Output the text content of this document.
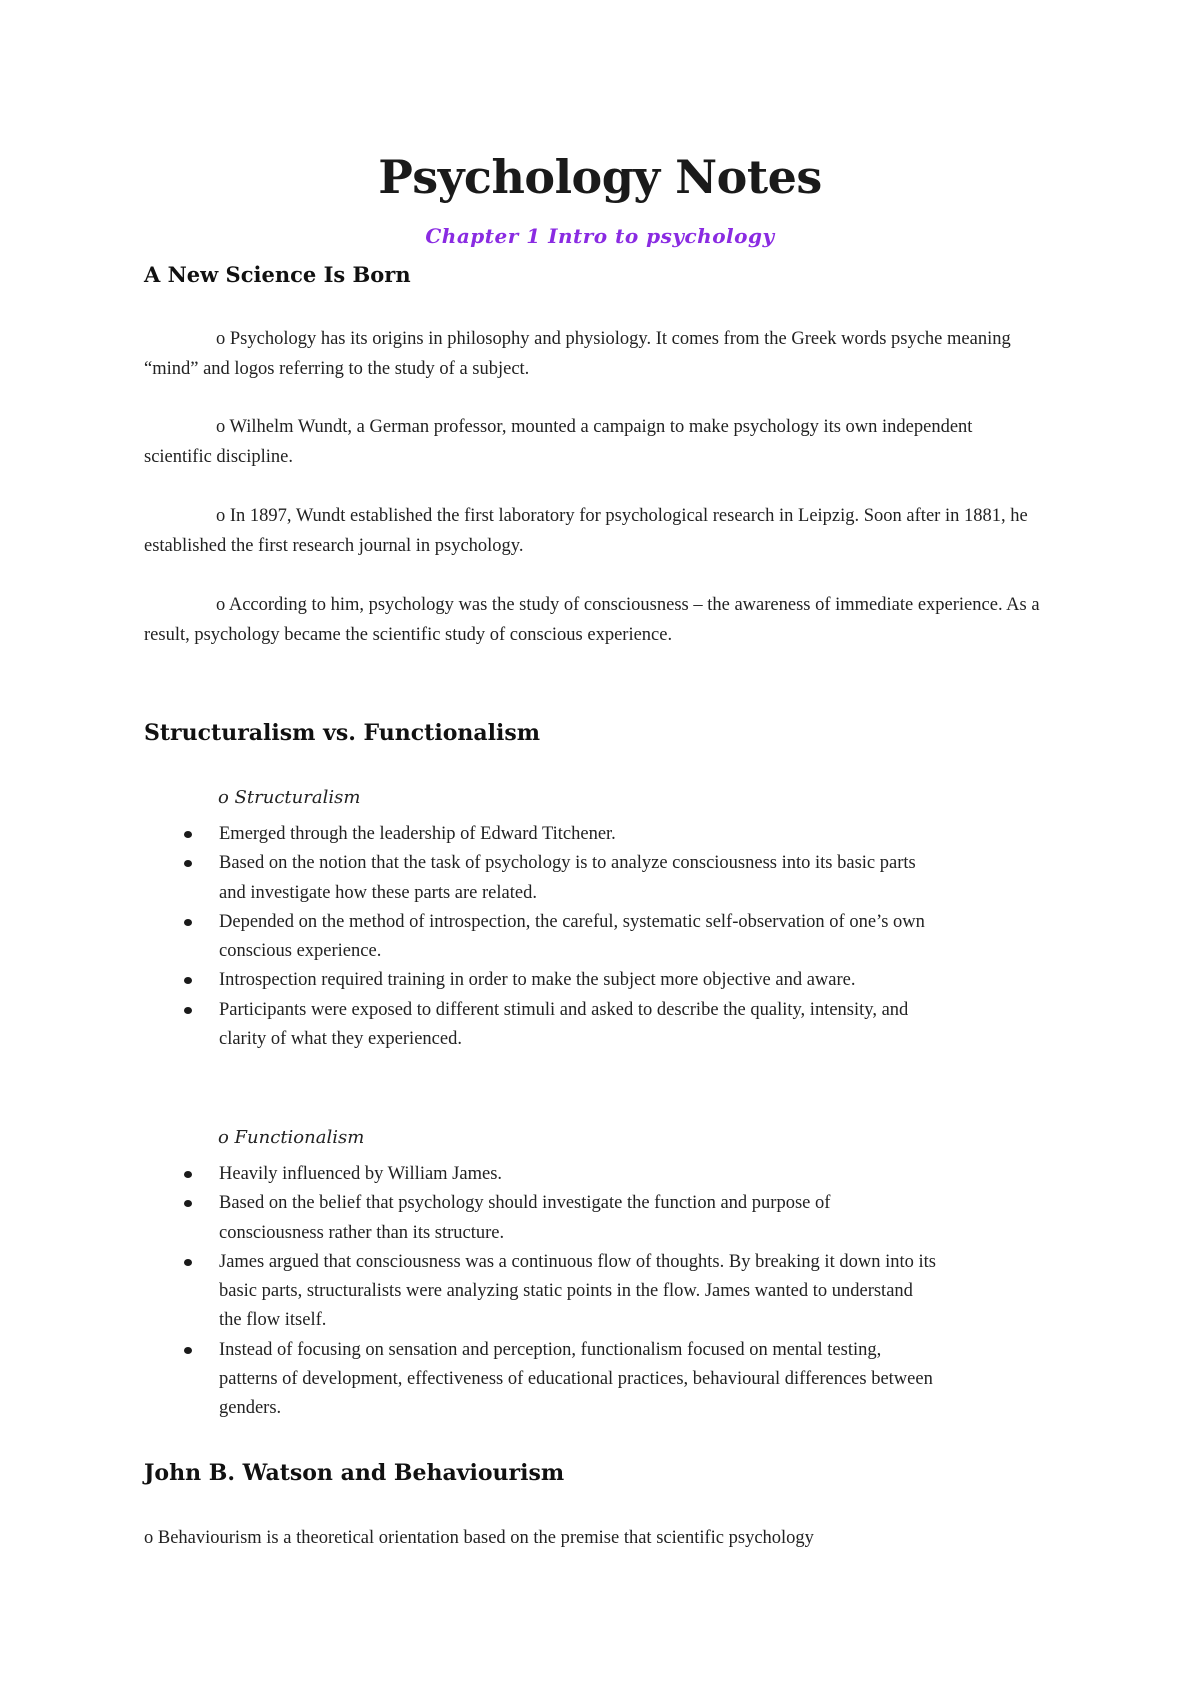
Psychology Notes
Chapter 1 Intro to psychology
A New Science Is Born
o Psychology has its origins in philosophy and physiology. It comes from the Greek words psyche meaning “mind” and logos referring to the study of a subject.
o Wilhelm Wundt, a German professor, mounted a campaign to make psychology its own independent scientific discipline.
o In 1897, Wundt established the first laboratory for psychological research in Leipzig. Soon after in 1881, he established the first research journal in psychology.
o According to him, psychology was the study of consciousness – the awareness of immediate experience. As a result, psychology became the scientific study of conscious experience.
Structuralism vs. Functionalism
o Structuralism
Emerged through the leadership of Edward Titchener.
Based on the notion that the task of psychology is to analyze consciousness into its basic parts and investigate how these parts are related.
Depended on the method of introspection, the careful, systematic self-observation of one’s own conscious experience.
Introspection required training in order to make the subject more objective and aware.
Participants were exposed to different stimuli and asked to describe the quality, intensity, and clarity of what they experienced.
o Functionalism
Heavily influenced by William James.
Based on the belief that psychology should investigate the function and purpose of consciousness rather than its structure.
James argued that consciousness was a continuous flow of thoughts. By breaking it down into its basic parts, structuralists were analyzing static points in the flow. James wanted to understand the flow itself.
Instead of focusing on sensation and perception, functionalism focused on mental testing, patterns of development, effectiveness of educational practices, behavioural differences between genders.
John B. Watson and Behaviourism
o Behaviourism is a theoretical orientation based on the premise that scientific psychology
